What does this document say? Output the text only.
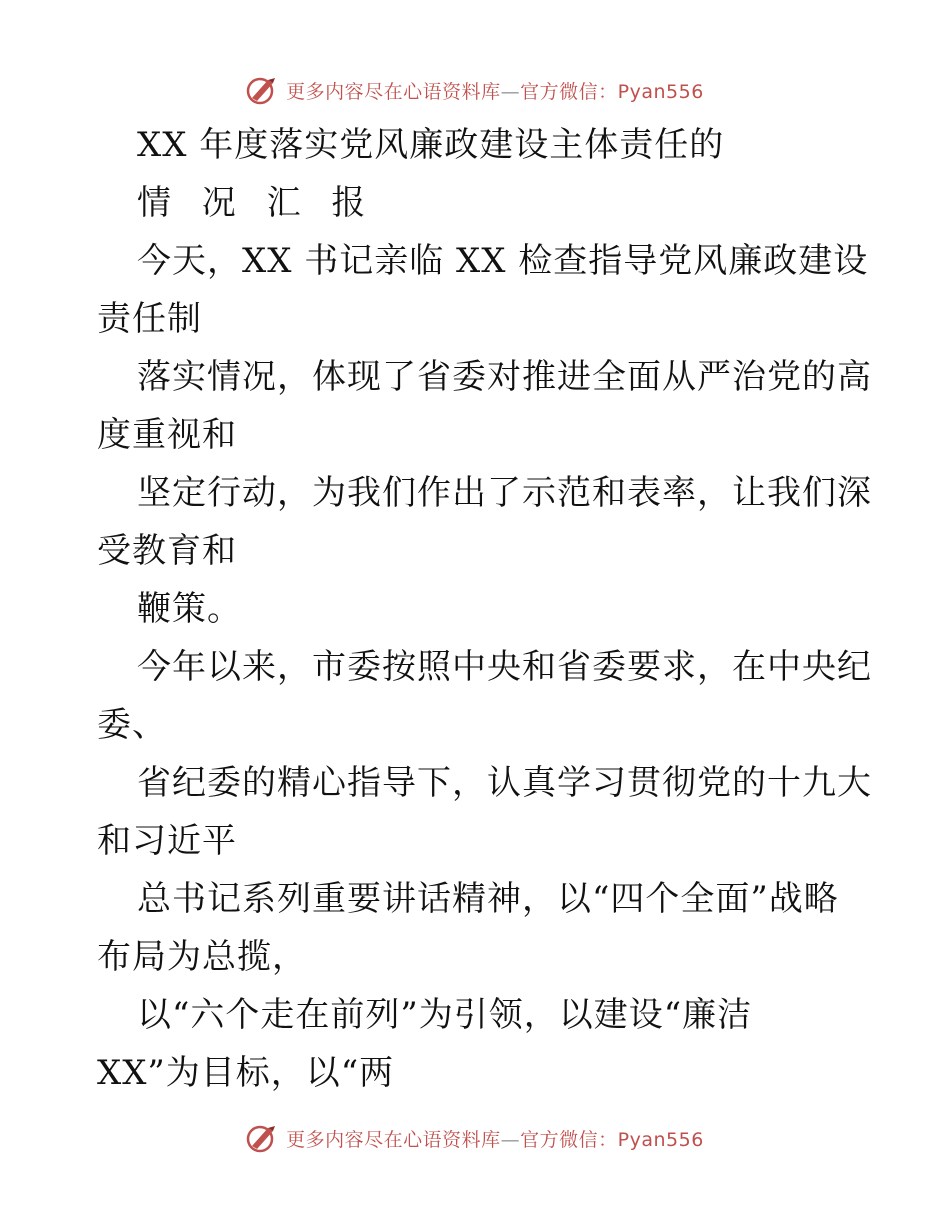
更多内容尽在心语资料库—官方微信：Pyan556
XX 年度落实党风廉政建设主体责任的
情 况 汇 报
今天，XX 书记亲临 XX 检查指导党风廉政建设
责任制
落实情况，体现了省委对推进全面从严治党的高
度重视和
坚定行动，为我们作出了示范和表率，让我们深
受教育和
鞭策。
今年以来，市委按照中央和省委要求，在中央纪
委、
省纪委的精心指导下，认真学习贯彻党的十九大
和习近平
总书记系列重要讲话精神，以“四个全面”战略
布局为总揽，
以“六个走在前列”为引领，以建设“廉洁
XX”为目标，以“两
更多内容尽在心语资料库—官方微信：Pyan556
